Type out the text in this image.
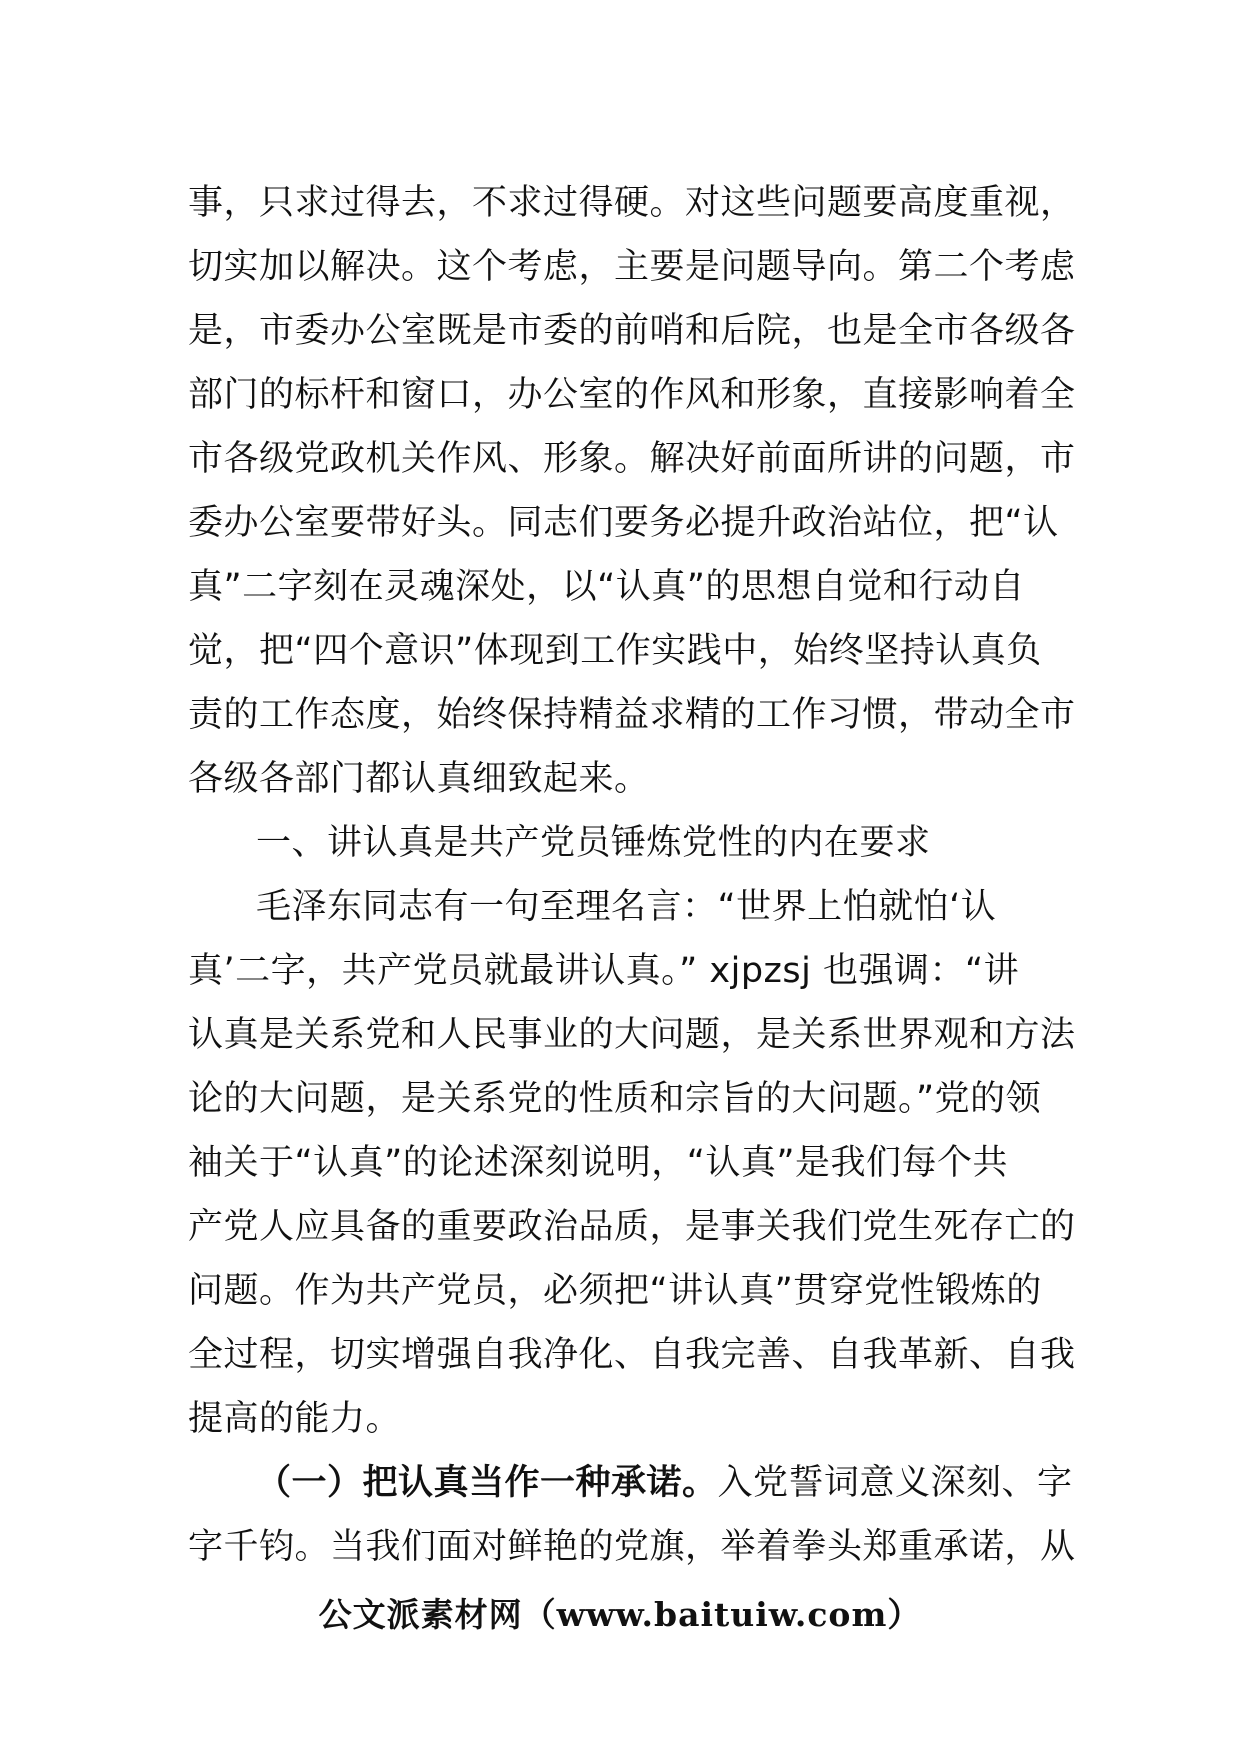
事，只求过得去，不求过得硬。对这些问题要高度重视，
切实加以解决。这个考虑，主要是问题导向。第二个考虑
是，市委办公室既是市委的前哨和后院，也是全市各级各
部门的标杆和窗口，办公室的作风和形象，直接影响着全
市各级党政机关作风、形象。解决好前面所讲的问题，市
委办公室要带好头。同志们要务必提升政治站位，把“认
真”二字刻在灵魂深处，以“认真”的思想自觉和行动自
觉，把“四个意识”体现到工作实践中，始终坚持认真负
责的工作态度，始终保持精益求精的工作习惯，带动全市
各级各部门都认真细致起来。
一、讲认真是共产党员锤炼党性的内在要求
毛泽东同志有一句至理名言：“世界上怕就怕‘认
真’二字，共产党员就最讲认真。” xjpzsj 也强调：“讲
认真是关系党和人民事业的大问题，是关系世界观和方法
论的大问题，是关系党的性质和宗旨的大问题。”党的领
袖关于“认真”的论述深刻说明，“认真”是我们每个共
产党人应具备的重要政治品质，是事关我们党生死存亡的
问题。作为共产党员，必须把“讲认真”贯穿党性锻炼的
全过程，切实增强自我净化、自我完善、自我革新、自我
提高的能力。
（一）把认真当作一种承诺。入党誓词意义深刻、字
字千钧。当我们面对鲜艳的党旗，举着拳头郑重承诺，从
公文派素材网（www.baituiw.com）
